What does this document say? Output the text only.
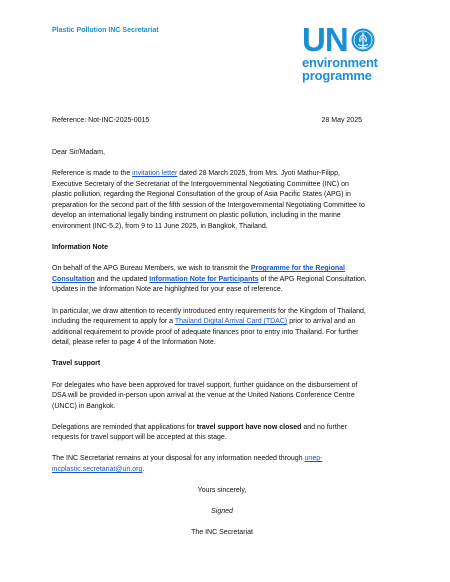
Plastic Pollution INC Secretariat	UN
environment
programme
Reference: Not-INC-2025-0015	28 May 2025

Dear Sir/Madam,

Reference is made to the invitation letter dated 28 March 2025, from Mrs. Jyoti Mathur-Filipp, Executive Secretary of the Secretariat of the Intergovernmental Negotiating Committee (INC) on plastic pollution, regarding the Regional Consultation of the group of Asia Pacific States (APG) in preparation for the second part of the fifth session of the Intergovernmental Negotiating Committee to develop an international legally binding instrument on plastic pollution, including in the marine environment (INC-5.2), from 9 to 11 June 2025, in Bangkok, Thailand.

Information Note

On behalf of the APG Bureau Members, we wish to transmit the Programme for the Regional Consultation and the updated Information Note for Participants of the APG Regional Consultation. Updates in the Information Note are highlighted for your ease of reference.

In particular, we draw attention to recently introduced entry requirements for the Kingdom of Thailand, including the requirement to apply for a Thailand Digital Arrival Card (TDAC) prior to arrival and an additional requirement to provide proof of adequate finances prior to entry into Thailand. For further detail, please refer to page 4 of the Information Note.

Travel support

For delegates who have been approved for travel support, further guidance on the disbursement of DSA will be provided in-person upon arrival at the venue at the United Nations Conference Centre (UNCC) in Bangkok.

Delegations are reminded that applications for travel support have now closed and no further requests for travel support will be accepted at this stage.

The INC Secretariat remains at your disposal for any information needed through unep-incplastic.secretariat@un.org.

Yours sincerely,

Signed

The INC Secretariat
